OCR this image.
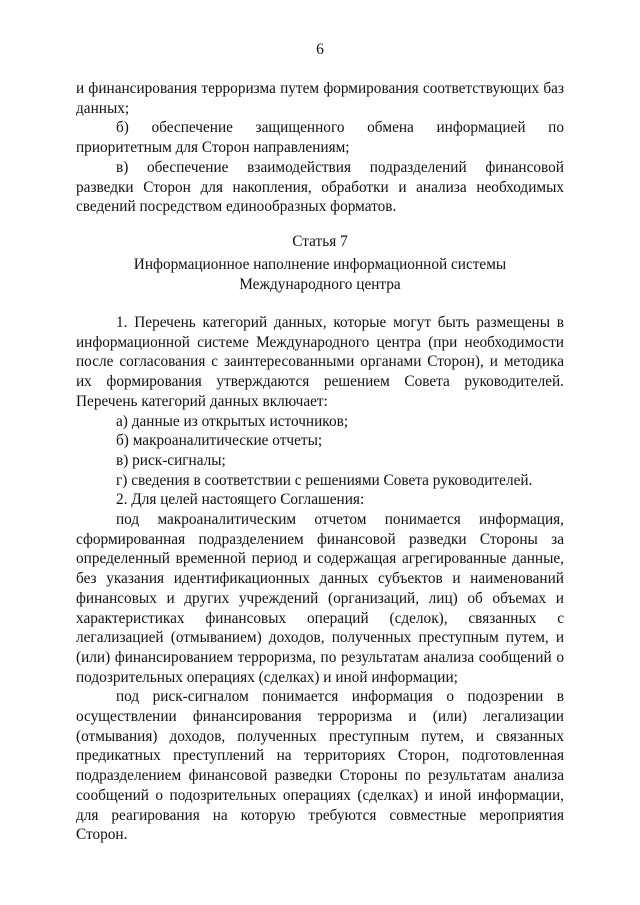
6

и финансирования терроризма путем формирования соответствующих баз данных;

б) обеспечение защищенного обмена информацией по приоритетным для Сторон направлениям;

в) обеспечение взаимодействия подразделений финансовой разведки Сторон для накопления, обработки и анализа необходимых сведений посредством единообразных форматов.

Статья 7
Информационное наполнение информационной системы
Международного центра

1. Перечень категорий данных, которые могут быть размещены в информационной системе Международного центра (при необходимости после согласования с заинтересованными органами Сторон), и методика их формирования утверждаются решением Совета руководителей. Перечень категорий данных включает:

а) данные из открытых источников;

б) макроаналитические отчеты;

в) риск-сигналы;

г) сведения в соответствии с решениями Совета руководителей.

2. Для целей настоящего Соглашения:

под макроаналитическим отчетом понимается информация, сформированная подразделением финансовой разведки Стороны за определенный временной период и содержащая агрегированные данные, без указания идентификационных данных субъектов и наименований финансовых и других учреждений (организаций, лиц) об объемах и характеристиках финансовых операций (сделок), связанных с легализацией (отмыванием) доходов, полученных преступным путем, и (или) финансированием терроризма, по результатам анализа сообщений о подозрительных операциях (сделках) и иной информации;

под риск-сигналом понимается информация о подозрении в осуществлении финансирования терроризма и (или) легализации (отмывания) доходов, полученных преступным путем, и связанных предикатных преступлений на территориях Сторон, подготовленная подразделением финансовой разведки Стороны по результатам анализа сообщений о подозрительных операциях (сделках) и иной информации, для реагирования на которую требуются совместные мероприятия Сторон.
